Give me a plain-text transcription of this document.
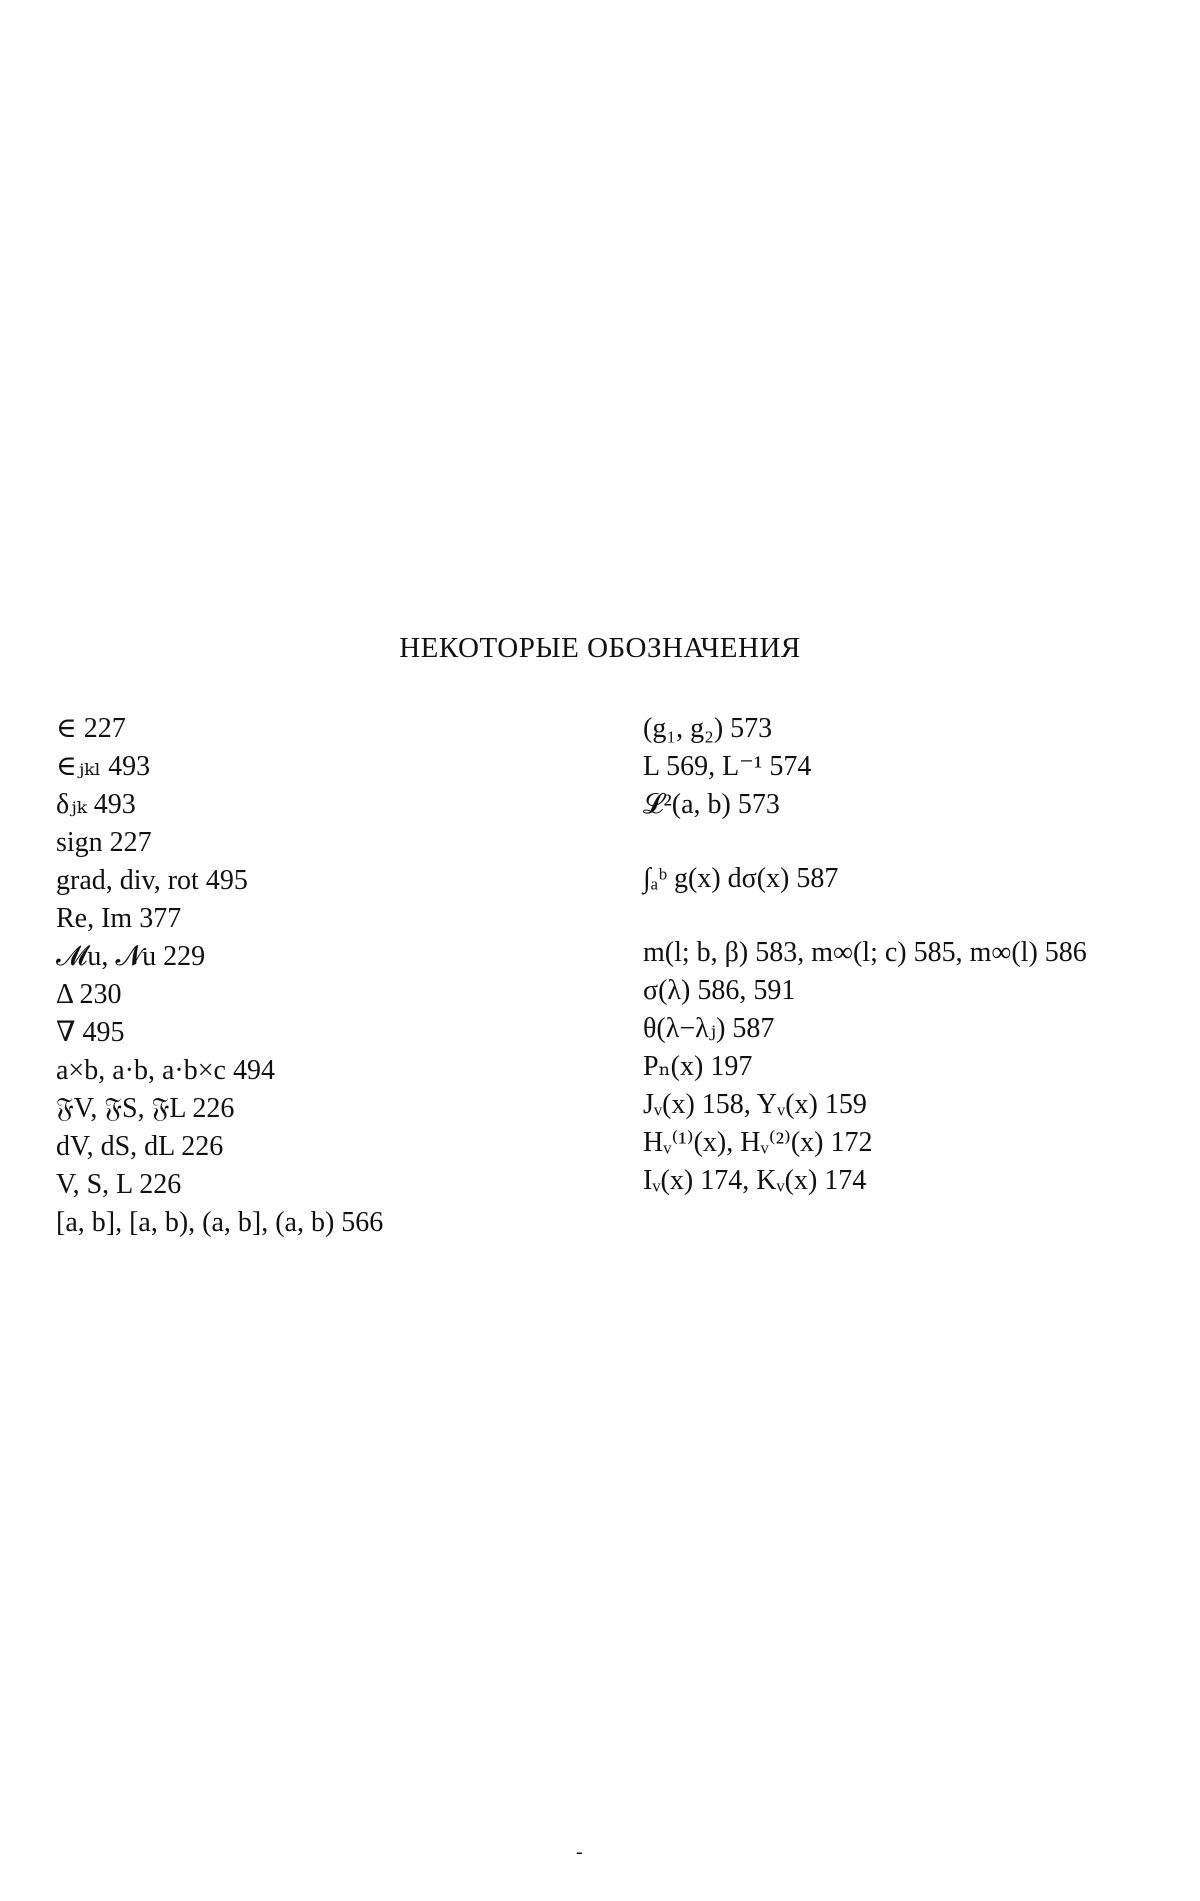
НЕКОТОРЫЕ ОБОЗНАЧЕНИЯ
∈ 227
∈ⱼₖₗ 493
δⱼₖ 493
sign 227
grad, div, rot 495
Re, Im 377
𝓜u, 𝓝u 229
Δ 230
∇ 495
a×b, a·b, a·b×c 494
𝔉V, 𝔉S, 𝔉L 226
dV, dS, dL 226
V, S, L 226
[a, b], [a, b), (a, b], (a, b) 566
(g₁, g₂) 573
L 569, L⁻¹ 574
𝓛²(a, b) 573
∫ₐᵇ g(x) dσ(x) 587
m(l; b, β) 583, m∞(l; c) 585, m∞(l) 586
σ(λ) 586, 591
θ(λ−λⱼ) 587
Pₙ(x) 197
Jᵥ(x) 158, Yᵥ(x) 159
Hᵥ⁽¹⁾(x), Hᵥ⁽²⁾(x) 172
Iᵥ(x) 174, Kᵥ(x) 174
-
